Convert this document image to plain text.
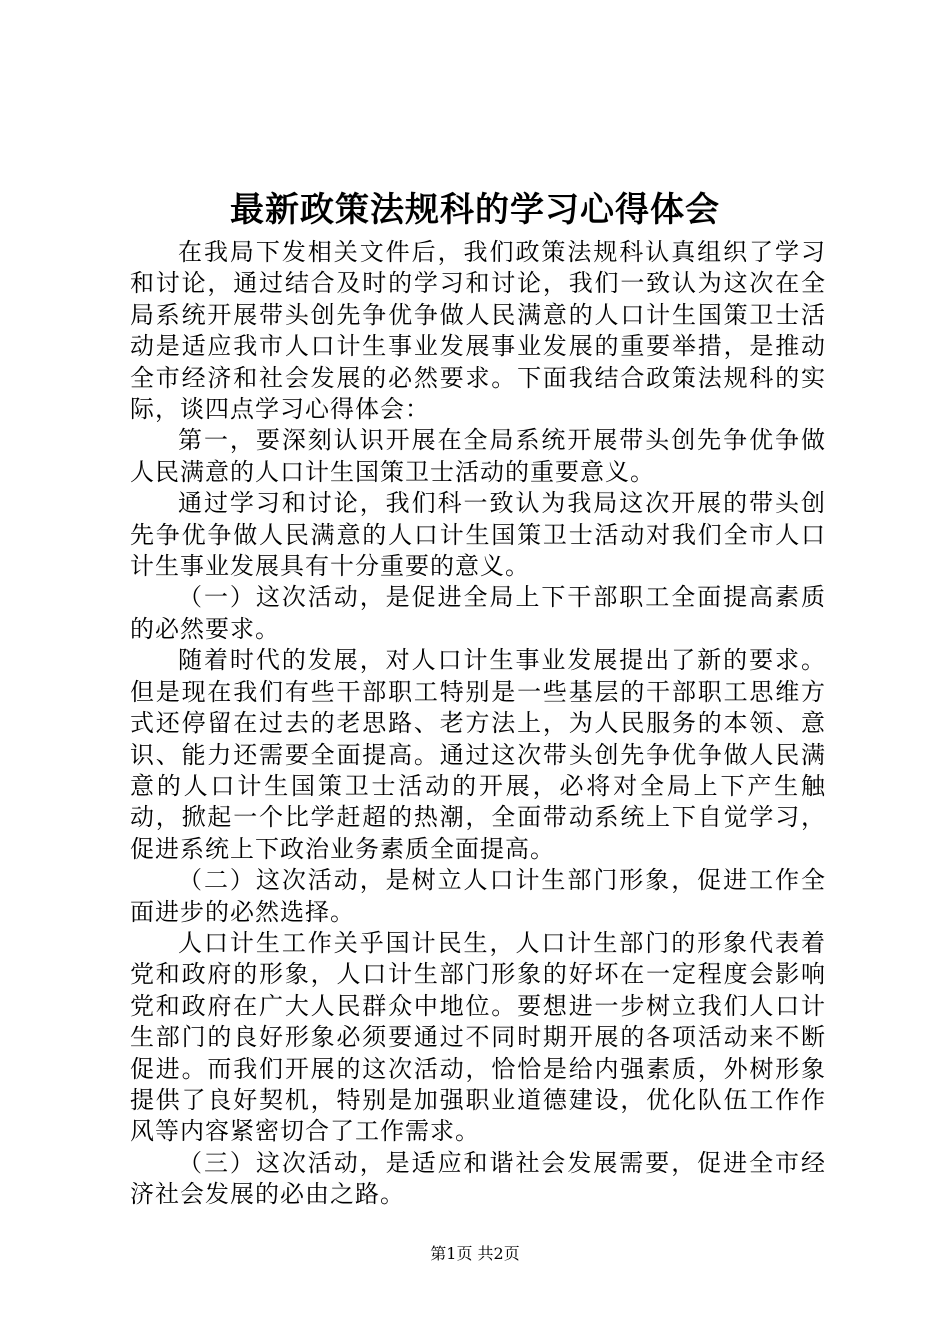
最新政策法规科的学习心得体会

在我局下发相关文件后，我们政策法规科认真组织了学习和讨论，通过结合及时的学习和讨论，我们一致认为这次在全局系统开展带头创先争优争做人民满意的人口计生国策卫士活动是适应我市人口计生事业发展事业发展的重要举措，是推动全市经济和社会发展的必然要求。下面我结合政策法规科的实际，谈四点学习心得体会：

第一，要深刻认识开展在全局系统开展带头创先争优争做人民满意的人口计生国策卫士活动的重要意义。

通过学习和讨论，我们科一致认为我局这次开展的带头创先争优争做人民满意的人口计生国策卫士活动对我们全市人口计生事业发展具有十分重要的意义。

（一）这次活动，是促进全局上下干部职工全面提高素质的必然要求。

随着时代的发展，对人口计生事业发展提出了新的要求。但是现在我们有些干部职工特别是一些基层的干部职工思维方式还停留在过去的老思路、老方法上，为人民服务的本领、意识、能力还需要全面提高。通过这次带头创先争优争做人民满意的人口计生国策卫士活动的开展，必将对全局上下产生触动，掀起一个比学赶超的热潮，全面带动系统上下自觉学习，促进系统上下政治业务素质全面提高。

（二）这次活动，是树立人口计生部门形象，促进工作全面进步的必然选择。

人口计生工作关乎国计民生，人口计生部门的形象代表着党和政府的形象，人口计生部门形象的好坏在一定程度会影响党和政府在广大人民群众中地位。要想进一步树立我们人口计生部门的良好形象必须要通过不同时期开展的各项活动来不断促进。而我们开展的这次活动，恰恰是给内强素质，外树形象提供了良好契机，特别是加强职业道德建设，优化队伍工作作风等内容紧密切合了工作需求。

（三）这次活动，是适应和谐社会发展需要，促进全市经济社会发展的必由之路。

第1页 共2页
